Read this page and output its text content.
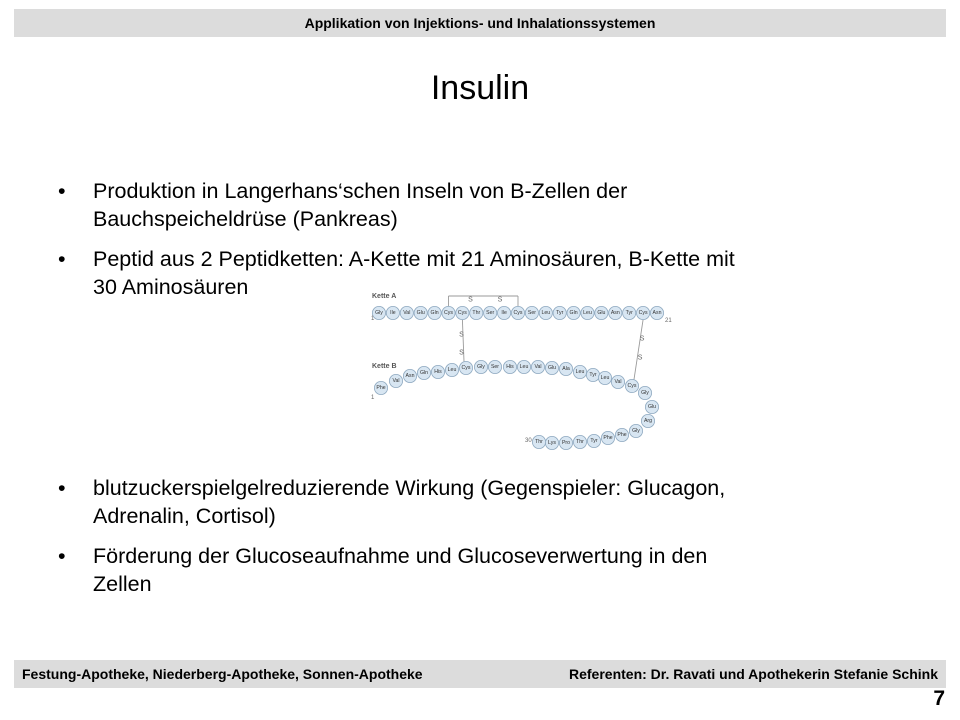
Applikation von Injektions- und Inhalationssystemen
Insulin
•	Produktion in Langerhans‘schen Inseln von B-Zellen der
Bauchspeicheldrüse (Pankreas)
•	Peptid aus 2 Peptidketten: A-Kette mit 21 Aminosäuren, B-Kette mit
30 Aminosäuren
S	S
S
S
S
S
Gly Ile Val Glu Gln Cys Cys Thr Ser Ile Cys Ser Leu Tyr Gln Leu Glu Asn Tyr Cys Asn
Phe
Val
Asn Gln His Leu Cys Gly Ser His Leu Val Glu Ala Leu Tyr Leu
Val
Cys
Gly
Glu
Arg
Gly
Phe
Phe
Tyr
Thr
Pro
Lys
Thr
Kette A
Kette B
1	21
1
30
•	blutzuckerspielgelreduzierende Wirkung (Gegenspieler: Glucagon,
Adrenalin, Cortisol)
•	Förderung der Glucoseaufnahme und Glucoseverwertung in den
Zellen
Festung-Apotheke, Niederberg-Apotheke, Sonnen-Apotheke	Referenten: Dr. Ravati und Apothekerin Stefanie Schink
7
